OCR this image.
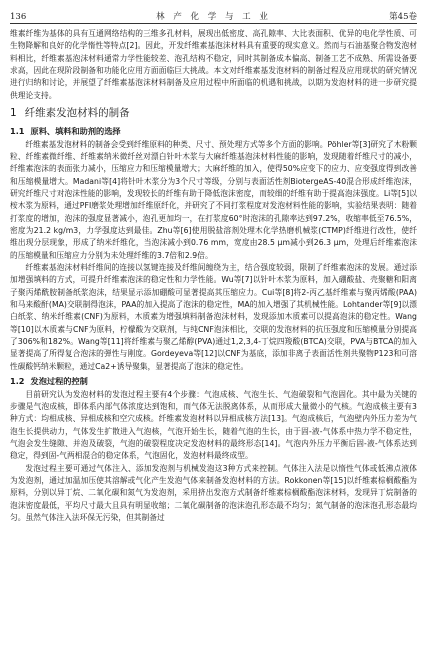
136	林 产 化 学 与 工 业	第45卷

维素纤维为基体的具有互通网络结构的三维多孔材料，展现出低密度、高孔隙率、大比表面积、优异的电化学性质、可生物降解和良好的化学惰性等特点[2]。因此，开发纤维素基泡沫材料具有重要的现实意义。然而与石油基聚合物发泡材料相比，纤维素基泡沫材料通常力学性能较差、泡孔结构不稳定，同时其制备成本偏高、制备工艺不成熟、所需设备要求高，因此在现阶段制备和功能化应用方面面临巨大挑战。本文对纤维素基发泡材料的制备过程及应用现状的研究情况进行归纳和讨论，并展望了纤维素基泡沫材料制备及应用过程中所面临的机遇和挑战，以期为发泡材料的进一步研究提供理论支持。

1 纤维素发泡材料的制备
1.1 原料、填料和助剂的选择

纤维素基发泡材料的制备会受到纤维原料的种类、尺寸、预处理方式等多个方面的影响。Pöhler等[3]研究了木粉颗粒、纤维素微纤维、纤维素纳米微纤丝对漂白针叶木浆与大麻纤维基泡沫材料性能的影响，发现随着纤维尺寸的减小，纤维素泡沫的表面张力减小，压缩应力和压缩模量增大；大麻纤维的加入，使得50%应变下的应力、应变强度得到改善和压缩模量增大。Madani等[4]将针叶木浆分为3个尺寸等级，分别与表面活性剂BiotergeAS-40混合形成纤维泡沫，研究纤维尺寸对泡沫性能的影响，发现较长的纤维有助于降低泡沫密度，而较细的纤维有助于提高泡沫强度。Li等[5]以桉木浆为原料，通过PFI磨浆处理增加纤维原纤化，并研究了不同打浆程度对发泡材料性能的影响，实验结果表明：随着打浆度的增加，泡沫的强度显著减小，泡孔更加均一，在打浆度60°时泡沫的孔隙率达到97.2%，收缩率低至76.5%，密度为21.2 kg/m3，力学强度达到最佳。Zhu等[6]使用脱盐溶剂处理木化学热磨机械浆(CTMP)纤维进行改性，使纤维出现分层现象，形成了纳米纤维化，当泡沫减小到0.76 mm，宽度由28.5 μm减小到26.3 μm，处理后纤维素泡沫的压缩模量和压缩应力分别为未处理纤维的3.7倍和2.9倍。

纤维素基泡沫材料纤维间的连接以氢键连接及纤维间缠绕为主，结合强度较弱，限制了纤维素泡沫的发展。通过添加增强填料的方式，可提升纤维素泡沫的稳定性和力学性能。Wu等[7]以针叶木浆为原料，加入硼酸盐、壳聚糖和阳离子聚丙烯酰胺制备纸浆泡沫，结果显示添加硼酸可显著提高其压缩应力。Cui等[8]将2-丙乙基纤维素与聚丙烯酸(PAA)和马来酸酐(MA)交联制得泡沫，PAA的加入提高了泡沫的稳定性，MA的加入增强了其机械性能。Lohtander等[9]以漂白纸浆、纳米纤维素(CNF)为原料，木质素为增强填料制备泡沫材料，发现添加木质素可以提高泡沫的稳定性。Wang等[10]以木质素与CNF为原料，柠檬酸为交联剂，与纯CNF泡沫相比，交联的发泡材料的抗压强度和压缩模量分别提高了306%和182%。Wang等[11]将纤维素与聚乙烯醇(PVA)通过1,2,3,4-丁烷四羧酸(BTCA)交联，PVA与BTCA的加入显著提高了所得复合泡沫的弹性与刚度。Gordeyeva等[12]以CNF为基底，添加非离子表面活性剂共聚物P123和可溶性碳酸钙纳米颗粒，通过Ca2+诱导聚集，显著提高了泡沫的稳定性。

1.2 发泡过程的控制

目前研究认为发泡材料的发泡过程主要有4个步骤：气泡成核、气泡生长、气泡破裂和气泡固化。其中最为关键的步骤是气泡成核，即体系内部气体浓度达到饱和，而气体无法脱离体系，从而形成大量微小的气核。气泡成核主要有3种方式：均相成核、异相成核和空穴成核。纤维素发泡材料以异相成核方法[13]。气泡成核后，气泡壁内外压力差为气泡生长提供动力，气体发生扩散进入气泡核，气泡开始生长，随着气泡的生长，由于固-液-气体系中热力学不稳定性，气泡会发生缝隙、并泡及破裂，气泡的破裂程度决定发泡材料的最终形态[14]。气泡内外压力平衡后固-液-气体系达到稳定，得到固-气两相混合的稳定体系，气泡固化，发泡材料最终成型。

发泡过程主要可通过气体注入、添加发泡剂与机械发泡这3种方式来控制。气体注入法是以惰性气体或低沸点液体为发泡剂，通过加温加压使其溶解或气化产生发泡气体来制备发泡材料的方法。Rokkonen等[15]以纤维素棕榈酸酯为原料，分别以异丁烷、二氧化碳和氮气为发泡剂，采用挤出发泡方式制备纤维素棕榈酸酯泡沫材料，发现异丁烷制备的泡沫密度最低，平均尺寸最大且具有明显收缩；二氧化碳制备的泡沫泡孔形态最不均匀；氮气制备的泡沫泡孔形态最均匀。虽然气体注入法环保无污染，但其制备过
